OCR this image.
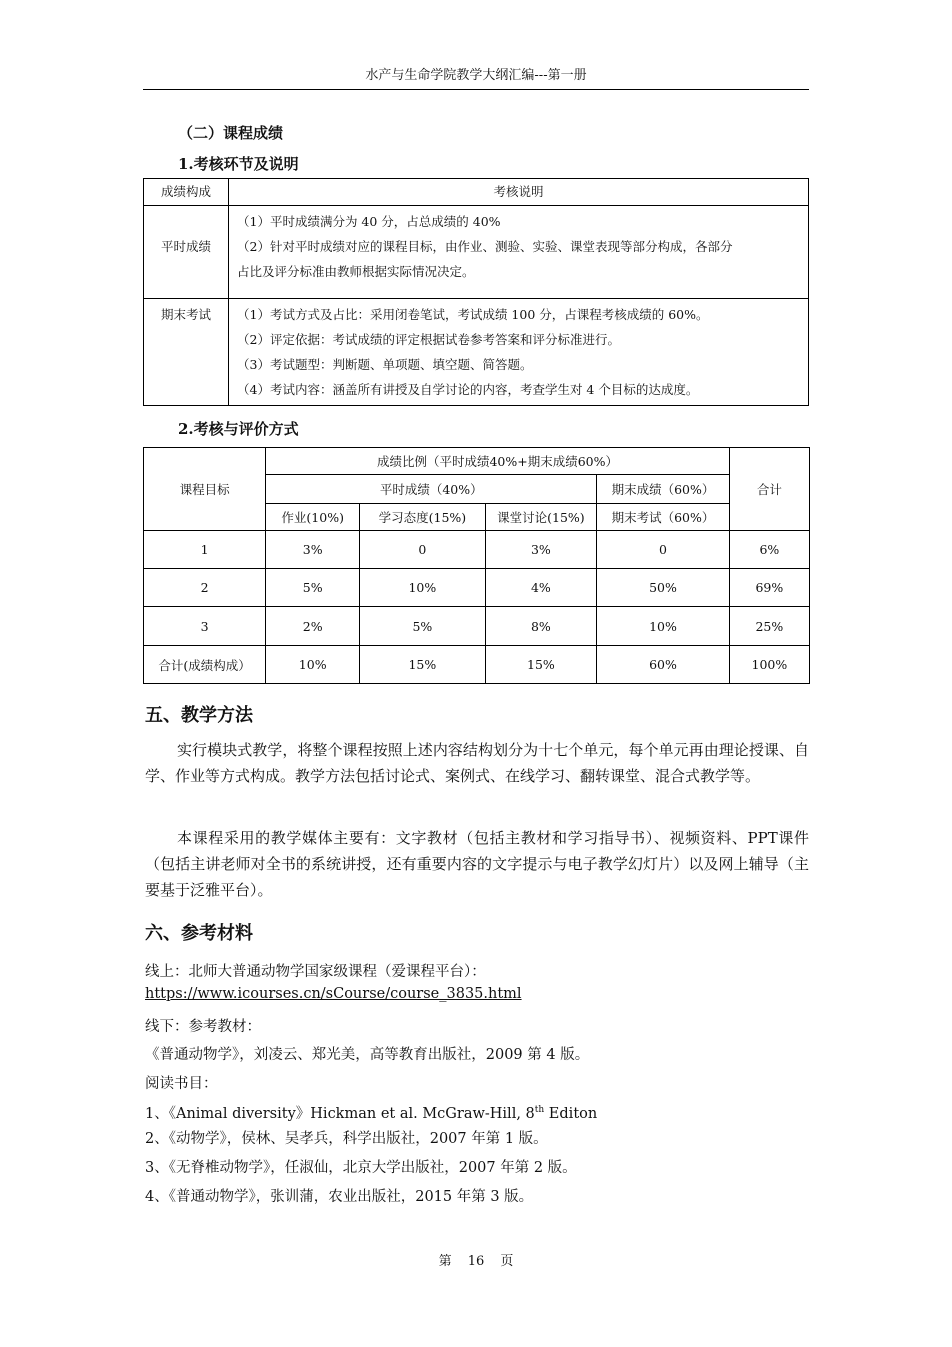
水产与生命学院教学大纲汇编---第一册
（二）课程成绩
1.考核环节及说明
成绩构成	考核说明
平时成绩	（1）平时成绩满分为 40 分，占总成绩的 40%
（2）针对平时成绩对应的课程目标，由作业、测验、实验、课堂表现等部分构成，各部分
占比及评分标准由教师根据实际情况决定。

期末考试	（1）考试方式及占比：采用闭卷笔试，考试成绩 100 分，占课程考核成绩的 60%。
（2）评定依据：考试成绩的评定根据试卷参考答案和评分标准进行。
（3）考试题型：判断题、单项题、填空题、简答题。
（4）考试内容：涵盖所有讲授及自学讨论的内容，考查学生对 4 个目标的达成度。
2.考核与评价方式
课程目标	成绩比例（平时成绩40%+期末成绩60%）				合计
	平时成绩（40%）			期末成绩（60%）	
	作业(10%)	学习态度(15%)	课堂讨论(15%)	期末考试（60%）	
1	3%	0	3%	0	6%
2	5%	10%	4%	50%	69%
3	2%	5%	8%	10%	25%
合计(成绩构成）	10%	15%	15%	60%	100%
五、教学方法
实行模块式教学，将整个课程按照上述内容结构划分为十七个单元，每个单元再由理论授课、自学、作业等方式构成。教学方法包括讨论式、案例式、在线学习、翻转课堂、混合式教学等。
本课程采用的教学媒体主要有：文字教材（包括主教材和学习指导书）、视频资料、PPT课件（包括主讲老师对全书的系统讲授，还有重要内容的文字提示与电子教学幻灯片）以及网上辅导（主要基于泛雅平台）。
六、参考材料
线上：北师大普通动物学国家级课程（爱课程平台）：
https://www.icourses.cn/sCourse/course_3835.html
线下：参考教材：
《普通动物学》，刘凌云、郑光美，高等教育出版社，2009 第 4 版。
阅读书目：
1、《Animal diversity》Hickman et al. McGraw-Hill, 8th Editon
2、《动物学》，侯林、吴孝兵，科学出版社，2007 年第 1 版。
3、《无脊椎动物学》，任淑仙，北京大学出版社，2007 年第 2 版。
4、《普通动物学》，张训蒲，农业出版社，2015 年第 3 版。
第 16 页
